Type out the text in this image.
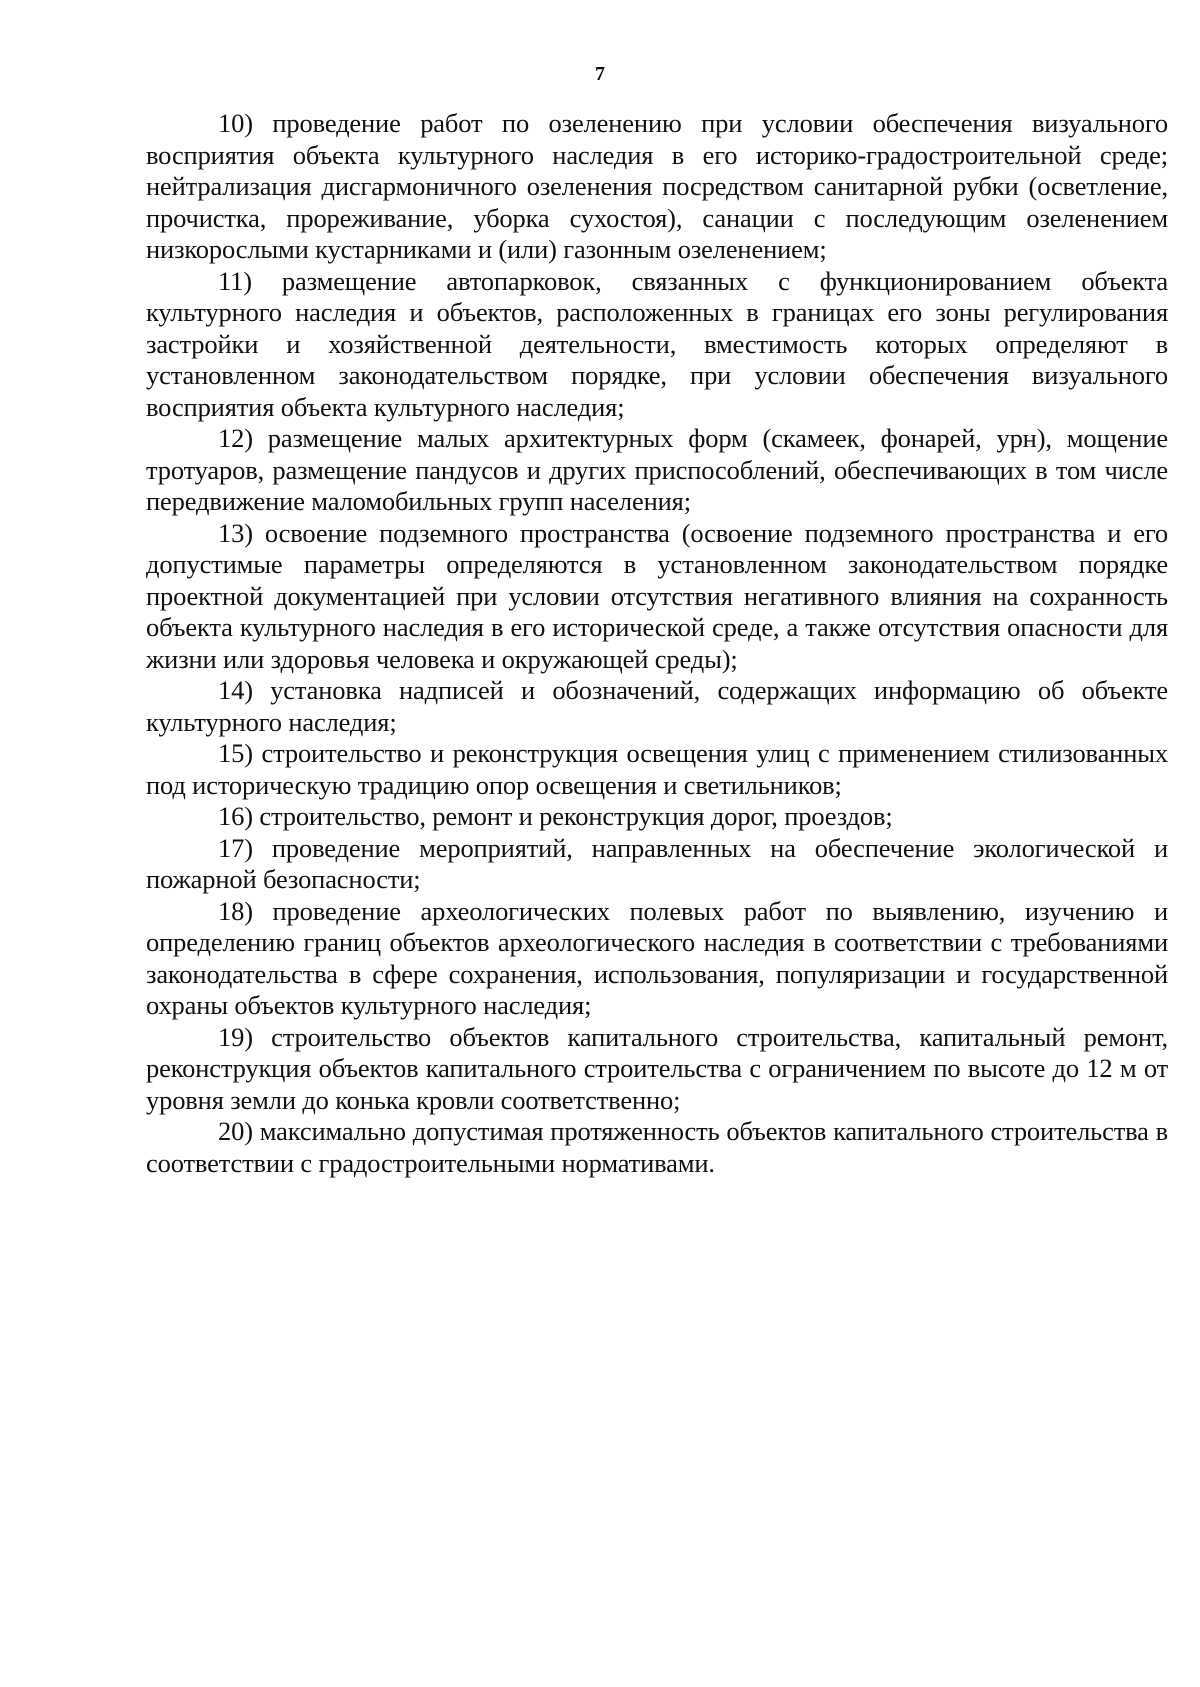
7

10) проведение работ по озеленению при условии обеспечения визуального восприятия объекта культурного наследия в его историко-градостроительной среде; нейтрализация дисгармоничного озеленения посредством санитарной рубки (осветление, прочистка, прореживание, уборка сухостоя), санации с последующим озеленением низкорослыми кустарниками и (или) газонным озеленением;

11) размещение автопарковок, связанных с функционированием объекта культурного наследия и объектов, расположенных в границах его зоны регулирования застройки и хозяйственной деятельности, вместимость которых определяют в установленном законодательством порядке, при условии обеспечения визуального восприятия объекта культурного наследия;

12) размещение малых архитектурных форм (скамеек, фонарей, урн), мощение тротуаров, размещение пандусов и других приспособлений, обеспечивающих в том числе передвижение маломобильных групп населения;

13) освоение подземного пространства (освоение подземного пространства и его допустимые параметры определяются в установленном законодательством порядке проектной документацией при условии отсутствия негативного влияния на сохранность объекта культурного наследия в его исторической среде, а также отсутствия опасности для жизни или здоровья человека и окружающей среды);

14) установка надписей и обозначений, содержащих информацию об объекте культурного наследия;

15) строительство и реконструкция освещения улиц с применением стилизованных под историческую традицию опор освещения и светильников;

16) строительство, ремонт и реконструкция дорог, проездов;

17) проведение мероприятий, направленных на обеспечение экологической и пожарной безопасности;

18) проведение археологических полевых работ по выявлению, изучению и определению границ объектов археологического наследия в соответствии с требованиями законодательства в сфере сохранения, использования, популяризации и государственной охраны объектов культурного наследия;

19) строительство объектов капитального строительства, капитальный ремонт, реконструкция объектов капитального строительства с ограничением по высоте до 12 м от уровня земли до конька кровли соответственно;

20) максимально допустимая протяженность объектов капитального строительства в соответствии с градостроительными нормативами.
